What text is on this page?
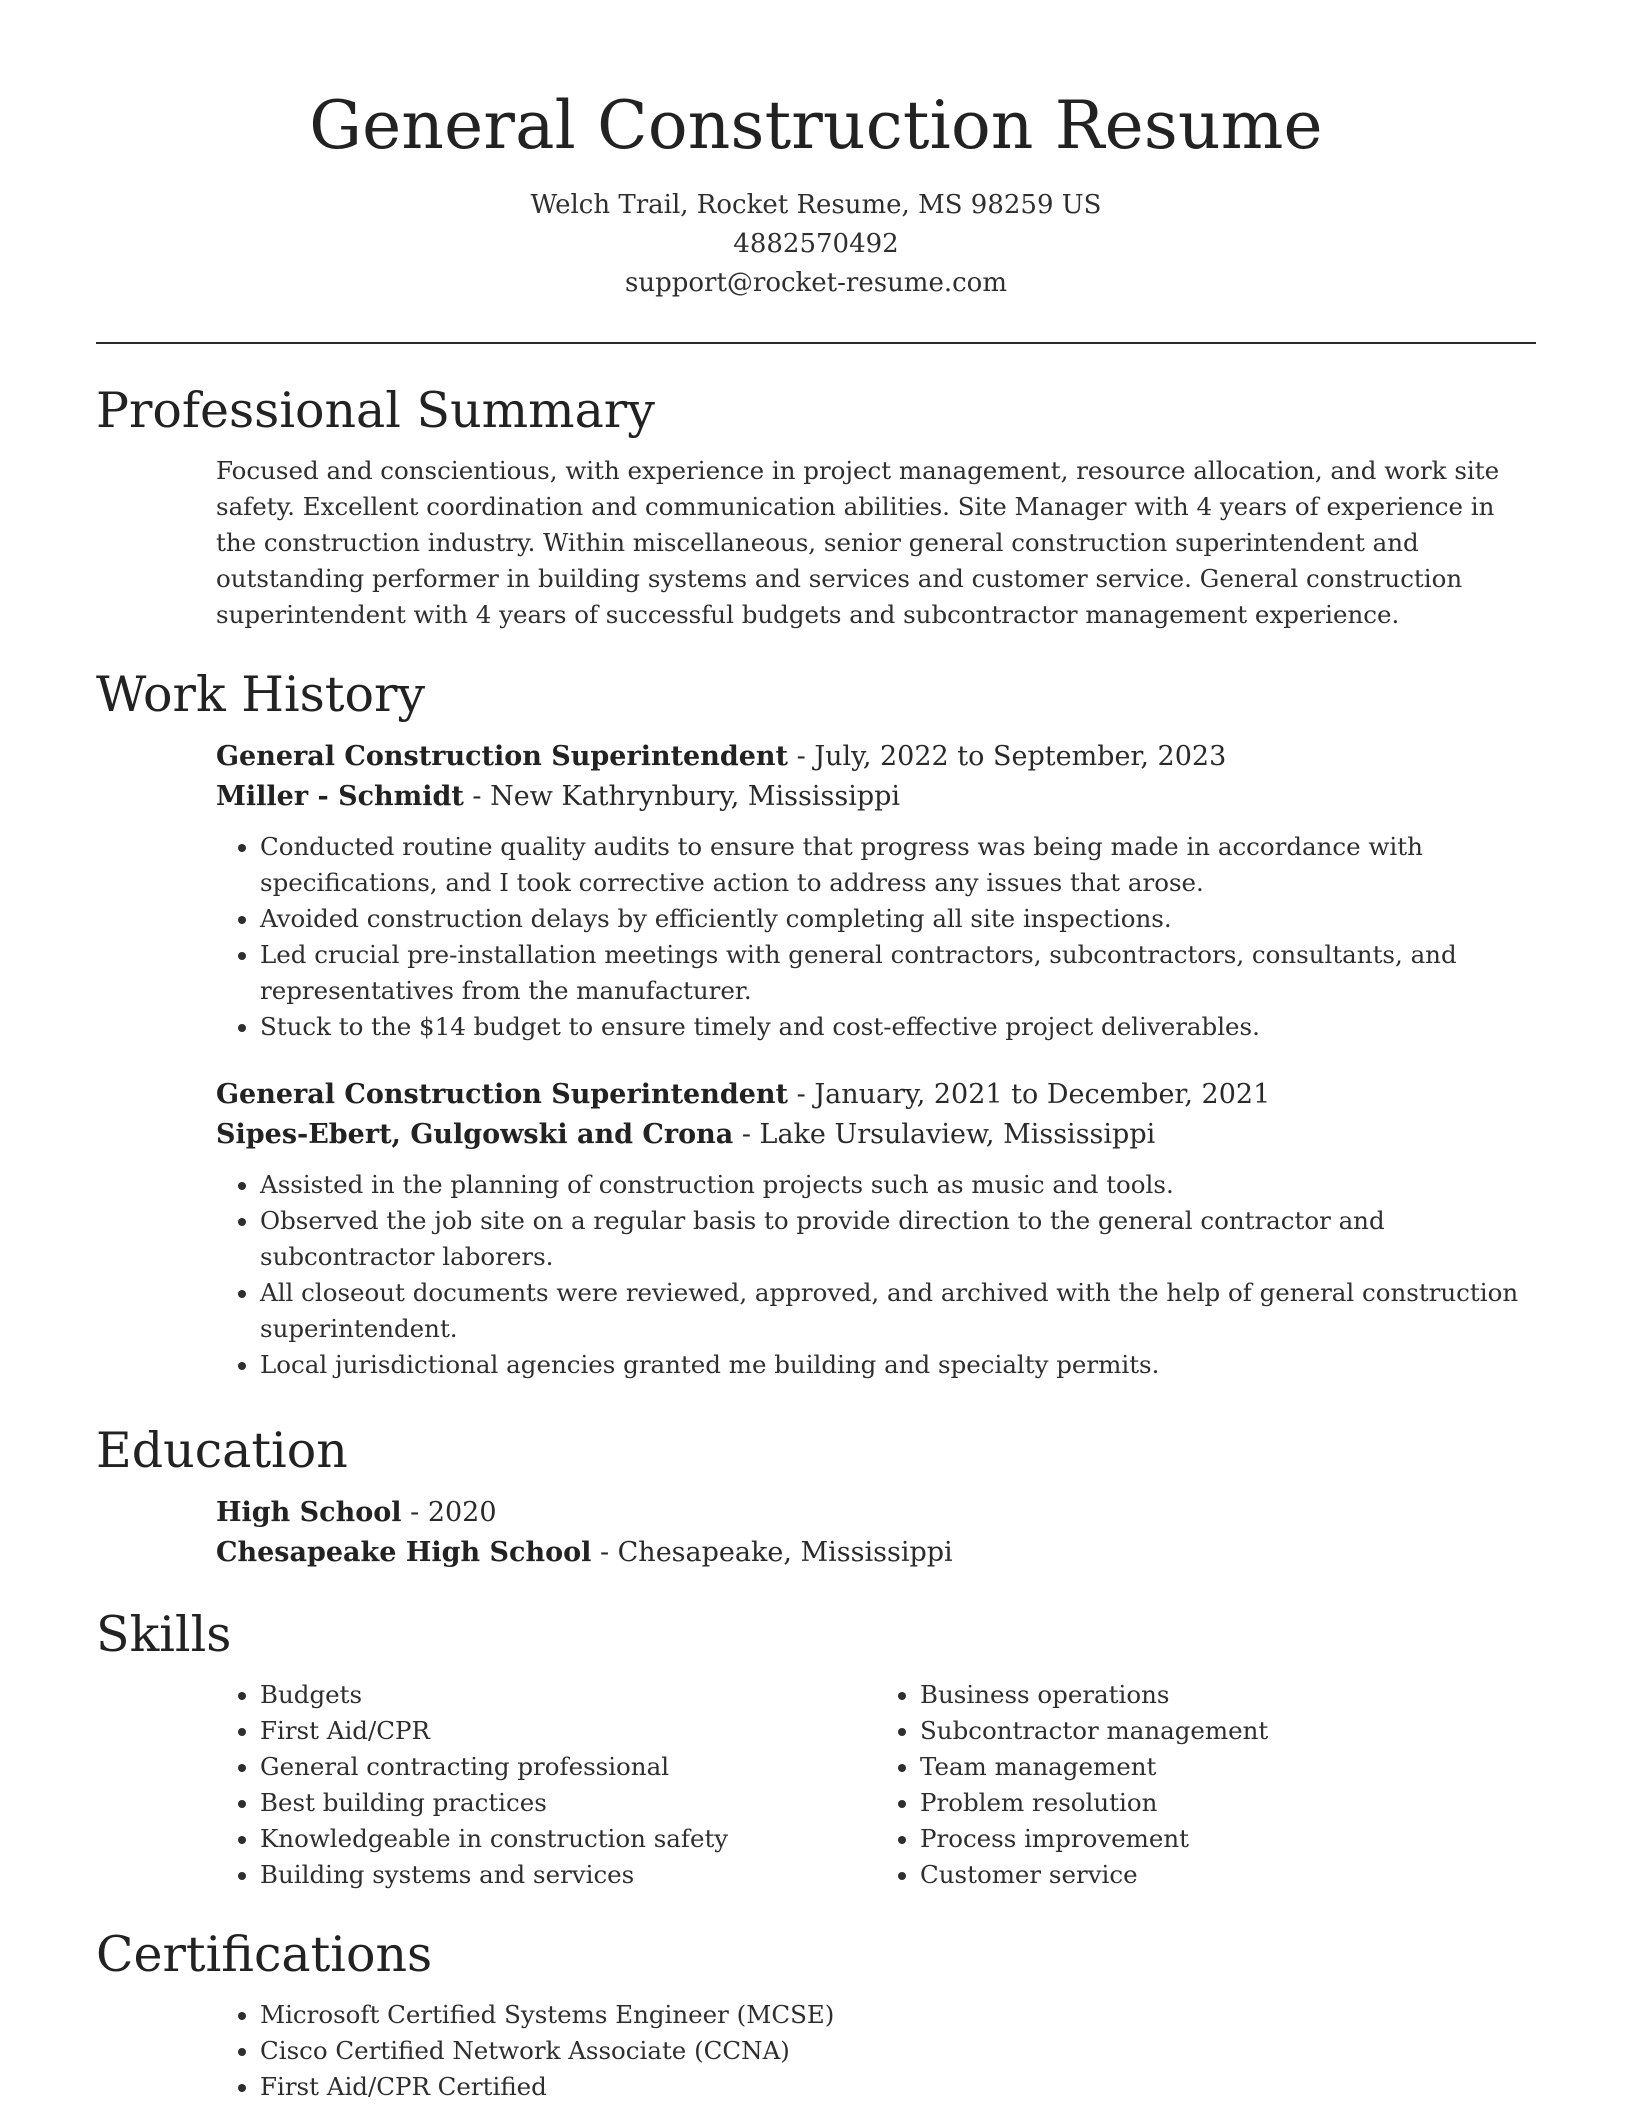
General Construction Resume
Welch Trail, Rocket Resume, MS 98259 US
4882570492
support@rocket-resume.com
Professional Summary
Focused and conscientious, with experience in project management, resource allocation, and work site safety. Excellent coordination and communication abilities. Site Manager with 4 years of experience in the construction industry. Within miscellaneous, senior general construction superintendent and outstanding performer in building systems and services and customer service. General construction superintendent with 4 years of successful budgets and subcontractor management experience.
Work History
General Construction Superintendent - July, 2022 to September, 2023
Miller - Schmidt - New Kathrynbury, Mississippi
• Conducted routine quality audits to ensure that progress was being made in accordance with specifications, and I took corrective action to address any issues that arose.
• Avoided construction delays by efficiently completing all site inspections.
• Led crucial pre-installation meetings with general contractors, subcontractors, consultants, and representatives from the manufacturer.
• Stuck to the $14 budget to ensure timely and cost-effective project deliverables.
General Construction Superintendent - January, 2021 to December, 2021
Sipes-Ebert, Gulgowski and Crona - Lake Ursulaview, Mississippi
• Assisted in the planning of construction projects such as music and tools.
• Observed the job site on a regular basis to provide direction to the general contractor and subcontractor laborers.
• All closeout documents were reviewed, approved, and archived with the help of general construction superintendent.
• Local jurisdictional agencies granted me building and specialty permits.
Education
High School - 2020
Chesapeake High School - Chesapeake, Mississippi
Skills
• Budgets
• First Aid/CPR
• General contracting professional
• Best building practices
• Knowledgeable in construction safety
• Building systems and services
• Business operations
• Subcontractor management
• Team management
• Problem resolution
• Process improvement
• Customer service
Certifications
• Microsoft Certified Systems Engineer (MCSE)
• Cisco Certified Network Associate (CCNA)
• First Aid/CPR Certified
